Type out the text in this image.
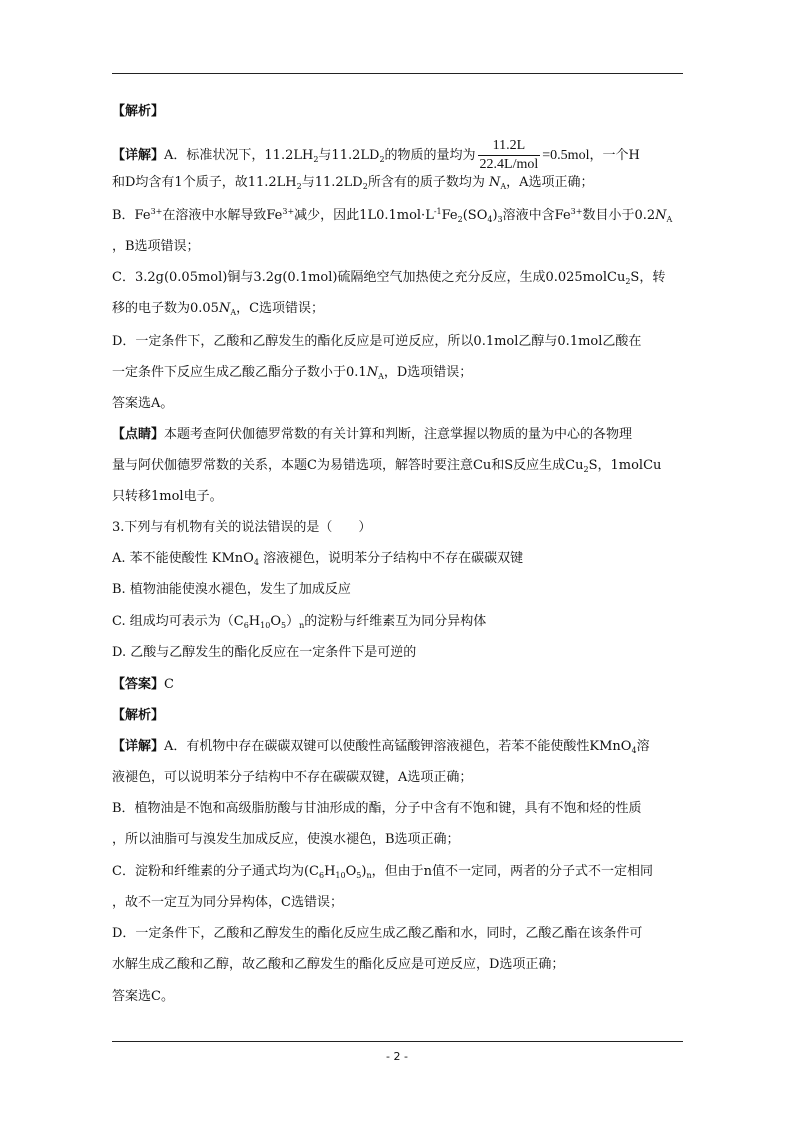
【解析】
【详解】A．标准状况下，$11.2LH_2$与$11.2LD_2$的物质的量均为 $\frac{11.2L}{\text{22.4L/mol}} =0.5mol$，一个H
和D均含有1个质子，故$11.2LH_2$与$11.2LD_2$所含有的质子数均为 $N_A$，A选项正确；
B．$Fe^{3+}$在溶液中水解导致$Fe^{3+}$减少，因此$1L0.1mol\cdot L^{-1}Fe_2(SO_4)_3$溶液中含$Fe^{3+}$数目小于$0.2N_A$
，B选项错误；
C．3.2g(0.05mol)铜与3.2g(0.1mol)硫隔绝空气加热使之充分反应，生成0.025molCu$_2$S，转
移的电子数为$0.05N_A$，C选项错误；
D．一定条件下，乙酸和乙醇发生的酯化反应是可逆反应，所以0.1mol乙醇与0.1mol乙酸在
一定条件下反应生成乙酸乙酯分子数小于$0.1N_A$，D选项错误；
答案选A。
【点睛】本题考查阿伏伽德罗常数的有关计算和判断，注意掌握以物质的量为中心的各物理
量与阿伏伽德罗常数的关系，本题C为易错选项，解答时要注意Cu和S反应生成$Cu_2S$，1molCu
只转移1mol电子。
3.下列与有机物有关的说法错误的是（　　）
A. 苯不能使酸性 KMnO$_4$ 溶液褪色，说明苯分子结构中不存在碳碳双键
B. 植物油能使溴水褪色，发生了加成反应
C. 组成均可表示为$(C_6H_{10}O_5)_n$的淀粉与纤维素互为同分异构体
D. 乙酸与乙醇发生的酯化反应在一定条件下是可逆的
【答案】C
【解析】
【详解】A．有机物中存在碳碳双键可以使酸性高锰酸钾溶液褪色，若苯不能使酸性KMnO$_4$溶
液褪色，可以说明苯分子结构中不存在碳碳双键，A选项正确；
B．植物油是不饱和高级脂肪酸与甘油形成的酯，分子中含有不饱和键，具有不饱和烃的性质
，所以油脂可与溴发生加成反应，使溴水褪色，B选项正确；
C．淀粉和纤维素的分子通式均为$(C_6H_{10}O_5)_n$，但由于n值不一定同，两者的分子式不一定相同
，故不一定互为同分异构体，C选错误；
D．一定条件下，乙酸和乙醇发生的酯化反应生成乙酸乙酯和水，同时，乙酸乙酯在该条件可
水解生成乙酸和乙醇，故乙酸和乙醇发生的酯化反应是可逆反应，D选项正确；
答案选C。
- 2 -
